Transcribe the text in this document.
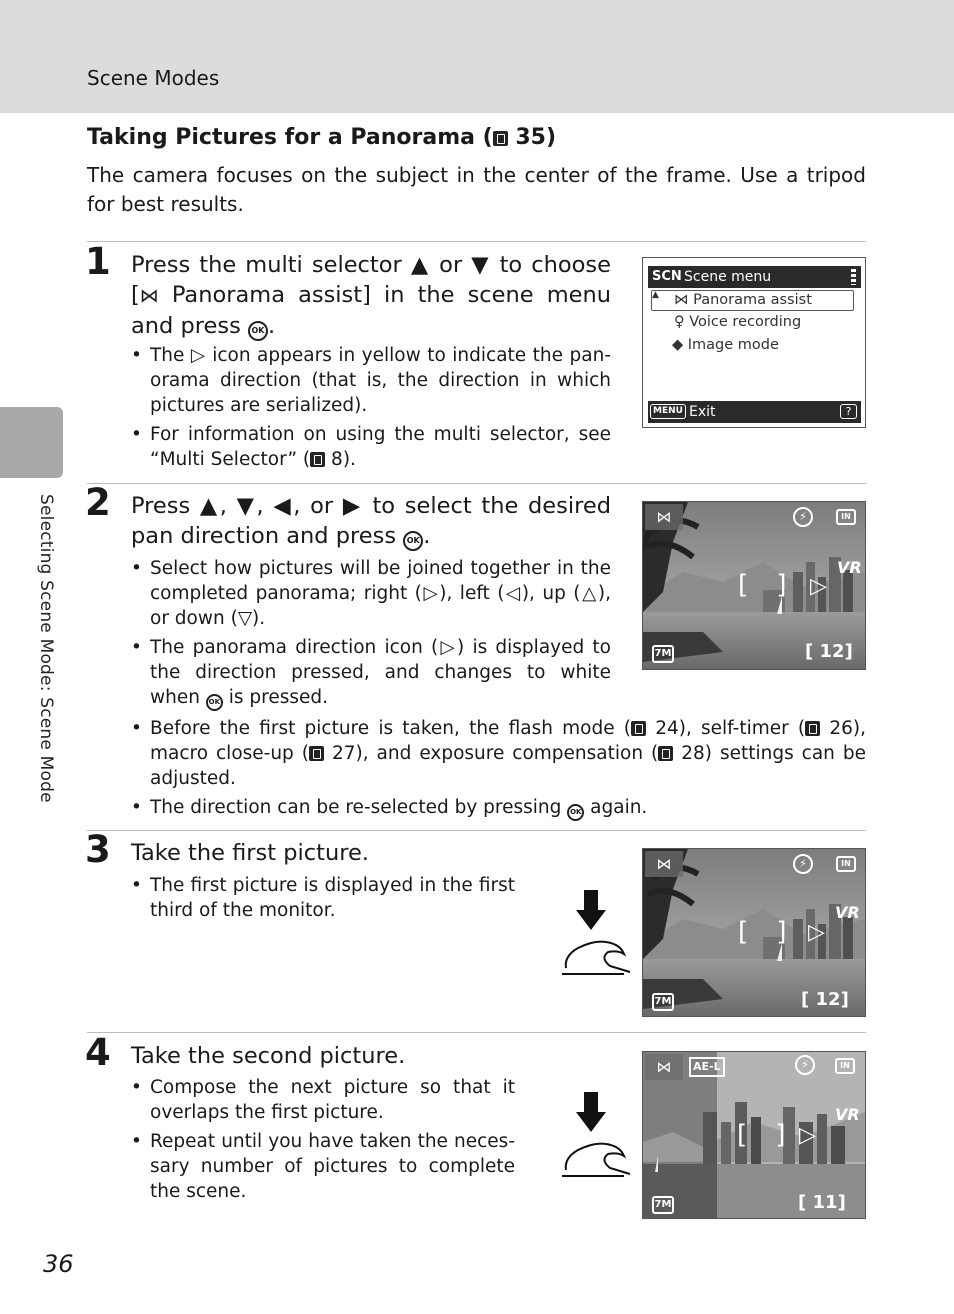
Scene Modes
Selecting Scene Mode: Scene Mode
Taking Pictures for a Panorama ( 35)
The camera focuses on the subject in the center of the frame. Use a tripod for best results.
1 Press the multi selector ▲ or ▼ to choose [⋈ Panorama assist] in the scene menu and press OK .
• The ▷ icon appears in yellow to indicate the panorama direction (that is, the direction in which pictures are serialized).
• For information on using the multi selector, see “Multi Selector” ( 8).
SCN Scene menu
▲ ⋈ Panorama assist
♀ Voice recording
◆ Image mode
MENU Exit	?
2 Press ▲, ▼, ◀, or ▶ to select the desired pan direction and press OK .
• Select how pictures will be joined together in the completed panorama; right (▷), left (◁), up (△), or down (▽).
• The panorama direction icon (▷) is displayed to the direction pressed, and changes to white when OK is pressed.
• Before the first picture is taken, the flash mode ( 24), self-timer ( 26), macro close-up ( 27), and exposure compensation ( 28) settings can be adjusted.
• The direction can be re-selected by pressing OK again.
⋈	⚡	IN
VR
[ ] ▷
7M	[ 12]
3 Take the first picture.
• The first picture is displayed in the first third of the monitor.
⋈	⚡	IN
VR
[ ] ▷
7M	[ 12]
4 Take the second picture.
• Compose the next picture so that it overlaps the first picture.
• Repeat until you have taken the necessary number of pictures to complete the scene.
⋈	AE-L	⚡	IN
VR
[ ] ▷
7M	[ 11]
36
